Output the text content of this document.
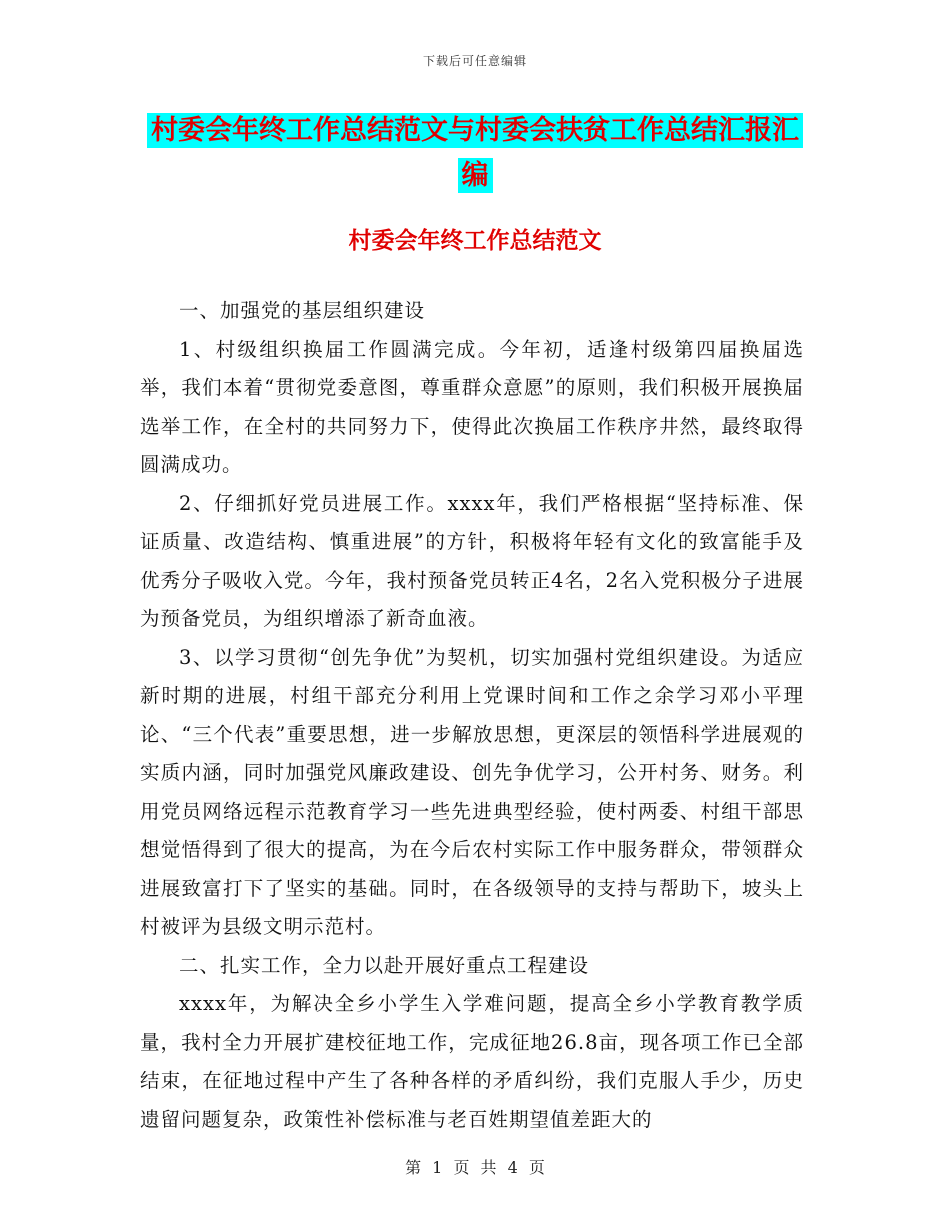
下载后可任意编辑
村委会年终工作总结范文与村委会扶贫工作总结汇报汇编
村委会年终工作总结范文

一、加强党的基层组织建设

1、村级组织换届工作圆满完成。今年初，适逢村级第四届换届选举，我们本着“贯彻党委意图，尊重群众意愿”的原则，我们积极开展换届选举工作，在全村的共同努力下，使得此次换届工作秩序井然，最终取得圆满成功。

2、仔细抓好党员进展工作。xxxx年，我们严格根据“坚持标准、保证质量、改造结构、慎重进展”的方针，积极将年轻有文化的致富能手及优秀分子吸收入党。今年，我村预备党员转正4名，2名入党积极分子进展为预备党员，为组织增添了新奇血液。

3、以学习贯彻“创先争优”为契机，切实加强村党组织建设。为适应新时期的进展，村组干部充分利用上党课时间和工作之余学习邓小平理论、“三个代表”重要思想，进一步解放思想，更深层的领悟科学进展观的实质内涵，同时加强党风廉政建设、创先争优学习，公开村务、财务。利用党员网络远程示范教育学习一些先进典型经验，使村两委、村组干部思想觉悟得到了很大的提高，为在今后农村实际工作中服务群众，带领群众进展致富打下了坚实的基础。同时，在各级领导的支持与帮助下，坡头上村被评为县级文明示范村。

二、扎实工作，全力以赴开展好重点工程建设

xxxx年，为解决全乡小学生入学难问题，提高全乡小学教育教学质量，我村全力开展扩建校征地工作，完成征地26.8亩，现各项工作已全部结束，在征地过程中产生了各种各样的矛盾纠纷，我们克服人手少，历史遗留问题复杂，政策性补偿标准与老百姓期望值差距大的

第 1 页 共 4 页
